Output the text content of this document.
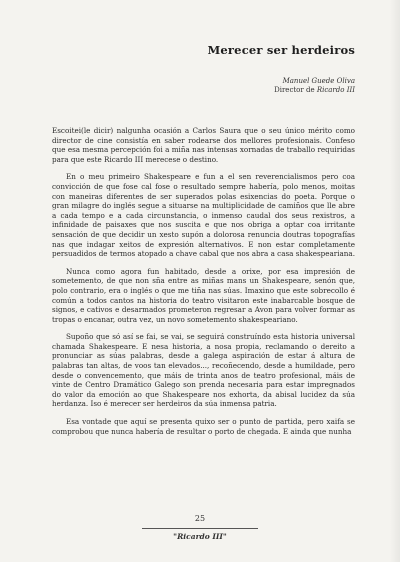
Merecer ser herdeiros
Manuel Guede Oliva
Director de Ricardo III

Escoitei(le dicir) nalgunha ocasión a Carlos Saura que o seu único mérito como director de cine consistía en saber rodearse dos mellores profesionais. Confeso que esa mesma percepción foi a miña nas intensas xornadas de traballo requiridas para que este Ricardo III merecese o destino.

En o meu primeiro Shakespeare e fun a el sen reverencialismos pero coa convicción de que fose cal fose o resultado sempre habería, polo menos, moitas con maneiras diferentes de ser superados polas esixencias do poeta. Porque o gran milagre do inglés segue a situarse na multiplicidade de camiños que lle abre a cada tempo e a cada circunstancia, o inmenso caudal dos seus rexistros, a infinidade de paisaxes que nos suscita e que nos obriga a optar coa irritante sensación de que decidir un xesto supón a dolorosa renuncia doutras topografías nas que indagar xeitos de expresión alternativos. E non estar completamente persuadidos de termos atopado a chave cabal que nos abra a casa shakespeariana.

Nunca como agora fun habitado, desde a orixe, por esa impresión de sometemento, de que non sña entre as miñas mans un Shakespeare, senón que, polo contrario, era o inglés o que me tiña nas súas. Imaxino que este sobrecollo é común a todos cantos na historia do teatro visitaron este inabarcable bosque de signos, e cativos e desarmados prometeron regresar a Avon para volver formar as tropas o encanar, outra vez, un novo sometemento shakespeariano.

Supoño que só así se fai, se vai, se seguirá construíndo esta historia universal chamada Shakespeare. E nesa historia, a nosa propia, reclamando o dereito a pronunciar as súas palabras, desde a galega aspiración de estar á altura de palabras tan altas, de voos tan elevados..., recoñecendo, desde a humildade, pero desde o convencemento, que máis de trinta anos de teatro profesional, máis de vinte de Centro Dramático Galego son prenda necesaria para estar impregnados do valor da emoción ao que Shakespeare nos exhorta, da abisal lucidez da súa herdanza. Iso é merecer ser herdeiros da súa inmensa patria.

Esa vontade que aquí se presenta quixo ser o punto de partida, pero xaifa se comprobou que nunca habería de resultar o porto de chegada. E ainda que nunha

25
"Ricardo III"
